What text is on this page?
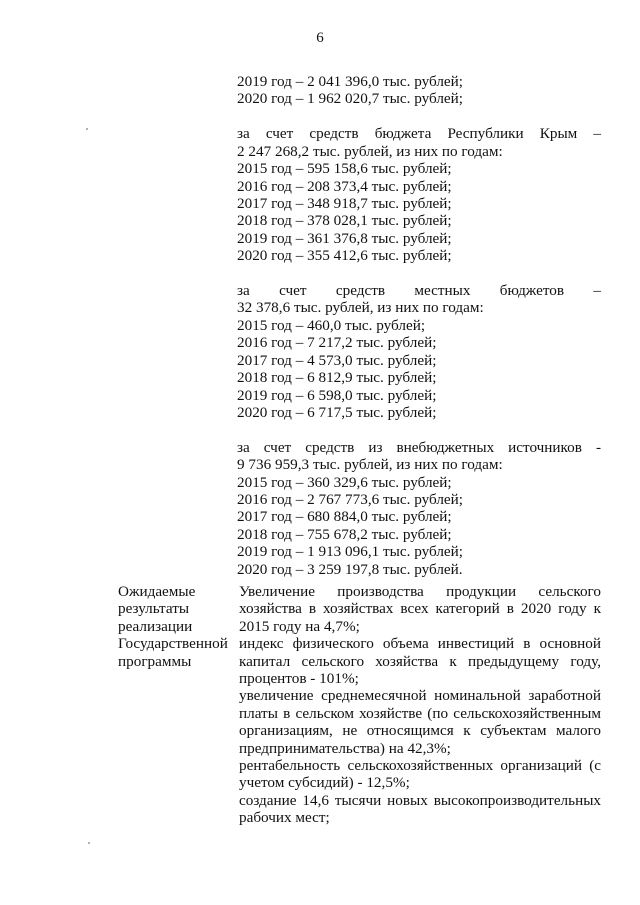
6
2019 год – 2 041 396,0 тыс. рублей;
2020 год – 1 962 020,7 тыс. рублей;
за счет средств бюджета Республики Крым –
2 247 268,2 тыс. рублей, из них по годам:
2015 год – 595 158,6 тыс. рублей;
2016 год – 208 373,4 тыс. рублей;
2017 год – 348 918,7 тыс. рублей;
2018 год – 378 028,1 тыс. рублей;
2019 год – 361 376,8 тыс. рублей;
2020 год – 355 412,6 тыс. рублей;
за счет средств местных бюджетов –
32 378,6 тыс. рублей, из них по годам:
2015 год – 460,0 тыс. рублей;
2016 год – 7 217,2 тыс. рублей;
2017 год – 4 573,0 тыс. рублей;
2018 год – 6 812,9 тыс. рублей;
2019 год – 6 598,0 тыс. рублей;
2020 год – 6 717,5 тыс. рублей;
за счет средств из внебюджетных источников -
9 736 959,3 тыс. рублей, из них по годам:
2015 год – 360 329,6 тыс. рублей;
2016 год – 2 767 773,6 тыс. рублей;
2017 год – 680 884,0 тыс. рублей;
2018 год – 755 678,2 тыс. рублей;
2019 год – 1 913 096,1 тыс. рублей;
2020 год – 3 259 197,8 тыс. рублей.
Ожидаемые
результаты
реализации
Государственной
программы

Увеличение производства продукции сельского хозяйства в хозяйствах всех категорий в 2020 году к 2015 году на 4,7%;

индекс физического объема инвестиций в основной капитал сельского хозяйства к предыдущему году, процентов - 101%;

увеличение среднемесячной номинальной заработной платы в сельском хозяйстве (по сельскохозяйственным организациям, не относящимся к субъектам малого предпринимательства) на 42,3%;

рентабельность сельскохозяйственных организаций (с учетом субсидий) - 12,5%;

создание 14,6 тысячи новых высокопроизводительных рабочих мест;
